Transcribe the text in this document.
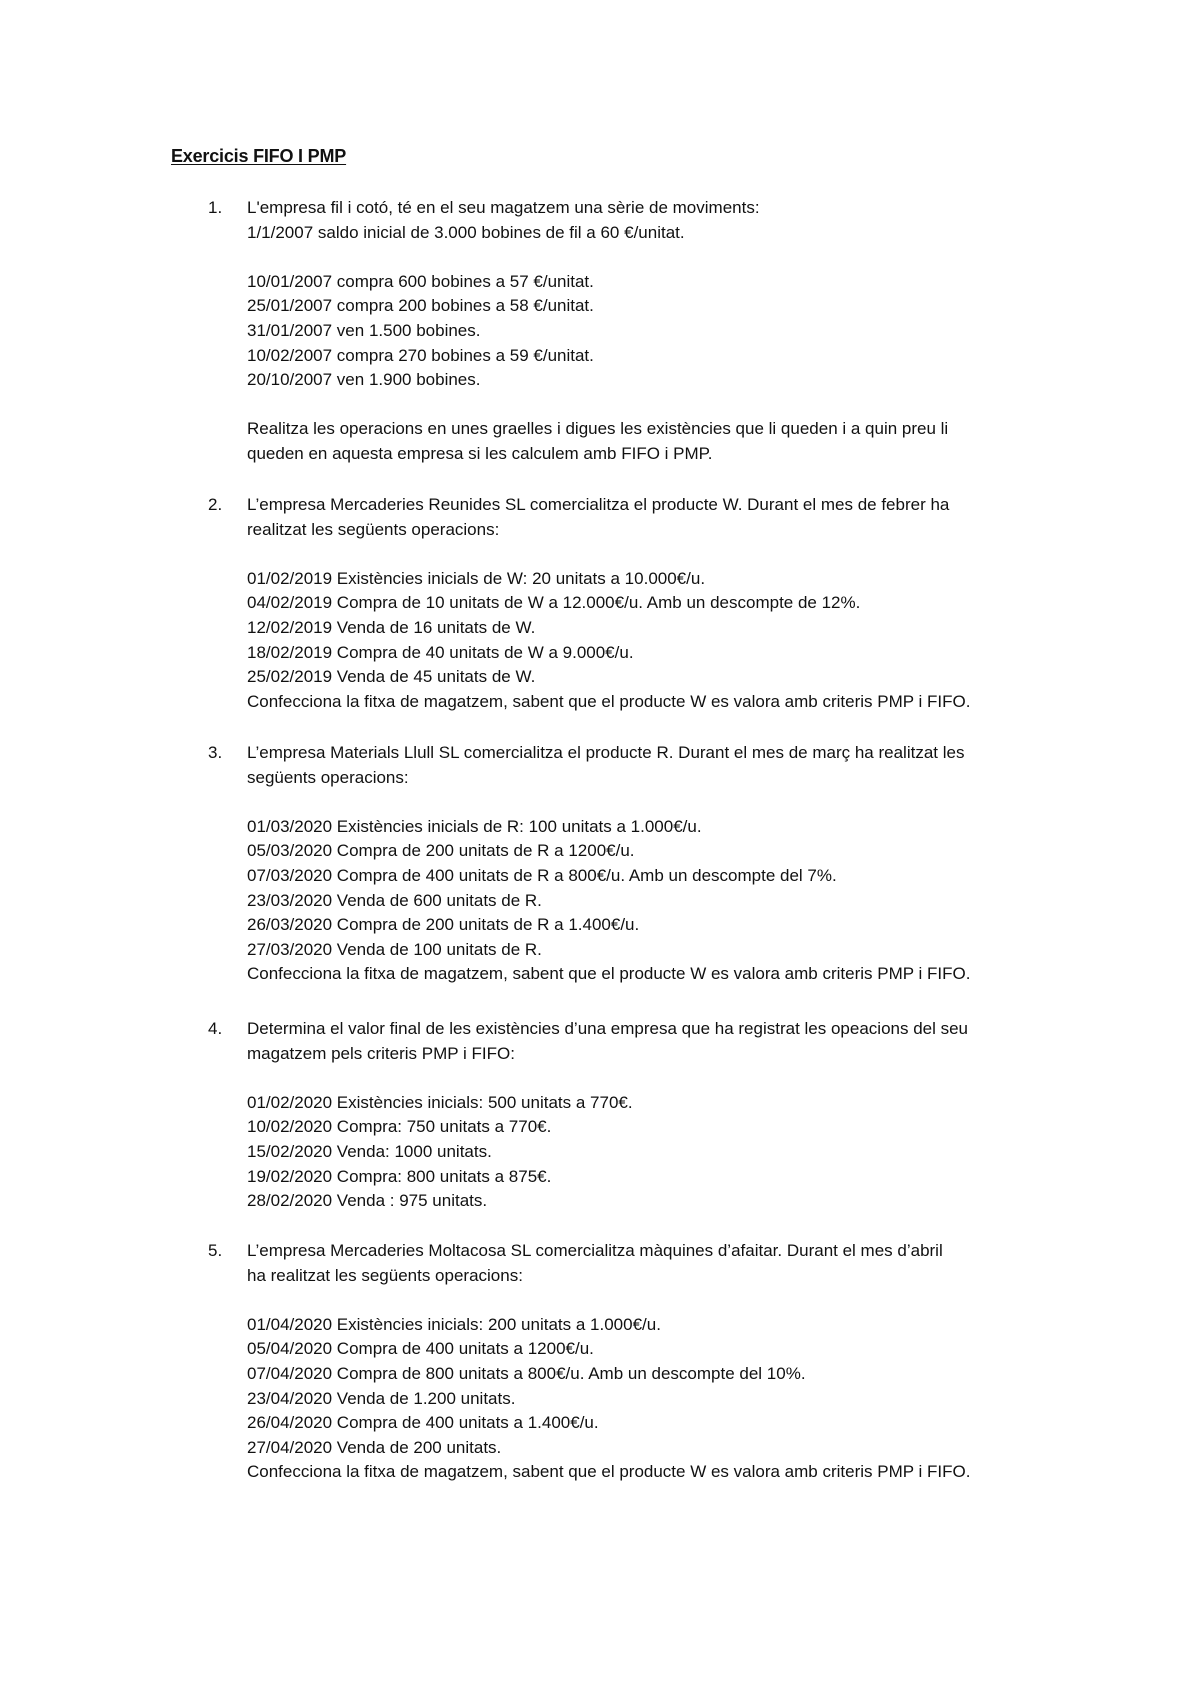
Exercicis FIFO I PMP
1. L'empresa fil i cotó, té en el seu magatzem una sèrie de moviments:
1/1/2007 saldo inicial de 3.000 bobines de fil a 60 €/unitat.
10/01/2007 compra 600 bobines a 57 €/unitat.
25/01/2007 compra 200 bobines a 58 €/unitat.
31/01/2007 ven 1.500 bobines.
10/02/2007 compra 270 bobines a 59 €/unitat.
20/10/2007 ven 1.900 bobines.
Realitza les operacions en unes graelles i digues les existències que li queden i a quin preu li
queden en aquesta empresa si les calculem amb FIFO i PMP.
2. L’empresa Mercaderies Reunides SL comercialitza el producte W. Durant el mes de febrer ha
realitzat les següents operacions:
01/02/2019 Existències inicials de W: 20 unitats a 10.000€/u.
04/02/2019 Compra de 10 unitats de W a 12.000€/u. Amb un descompte de 12%.
12/02/2019 Venda de 16 unitats de W.
18/02/2019 Compra de 40 unitats de W a 9.000€/u.
25/02/2019 Venda de 45 unitats de W.
Confecciona la fitxa de magatzem, sabent que el producte W es valora amb criteris PMP i FIFO.
3. L’empresa Materials Llull SL comercialitza el producte R. Durant el mes de març ha realitzat les
següents operacions:
01/03/2020 Existències inicials de R: 100 unitats a 1.000€/u.
05/03/2020 Compra de 200 unitats de R a 1200€/u.
07/03/2020 Compra de 400 unitats de R a 800€/u. Amb un descompte del 7%.
23/03/2020 Venda de 600 unitats de R.
26/03/2020 Compra de 200 unitats de R a 1.400€/u.
27/03/2020 Venda de 100 unitats de R.
Confecciona la fitxa de magatzem, sabent que el producte W es valora amb criteris PMP i FIFO.
4. Determina el valor final de les existències d’una empresa que ha registrat les opeacions del seu
magatzem pels criteris PMP i FIFO:
01/02/2020 Existències inicials: 500 unitats a 770€.
10/02/2020 Compra: 750 unitats a 770€.
15/02/2020 Venda: 1000 unitats.
19/02/2020 Compra: 800 unitats a 875€.
28/02/2020 Venda : 975 unitats.
5. L’empresa Mercaderies Moltacosa SL comercialitza màquines d’afaitar. Durant el mes d’abril
ha realitzat les següents operacions:
01/04/2020 Existències inicials: 200 unitats a 1.000€/u.
05/04/2020 Compra de 400 unitats a 1200€/u.
07/04/2020 Compra de 800 unitats a 800€/u. Amb un descompte del 10%.
23/04/2020 Venda de 1.200 unitats.
26/04/2020 Compra de 400 unitats a 1.400€/u.
27/04/2020 Venda de 200 unitats.
Confecciona la fitxa de magatzem, sabent que el producte W es valora amb criteris PMP i FIFO.
